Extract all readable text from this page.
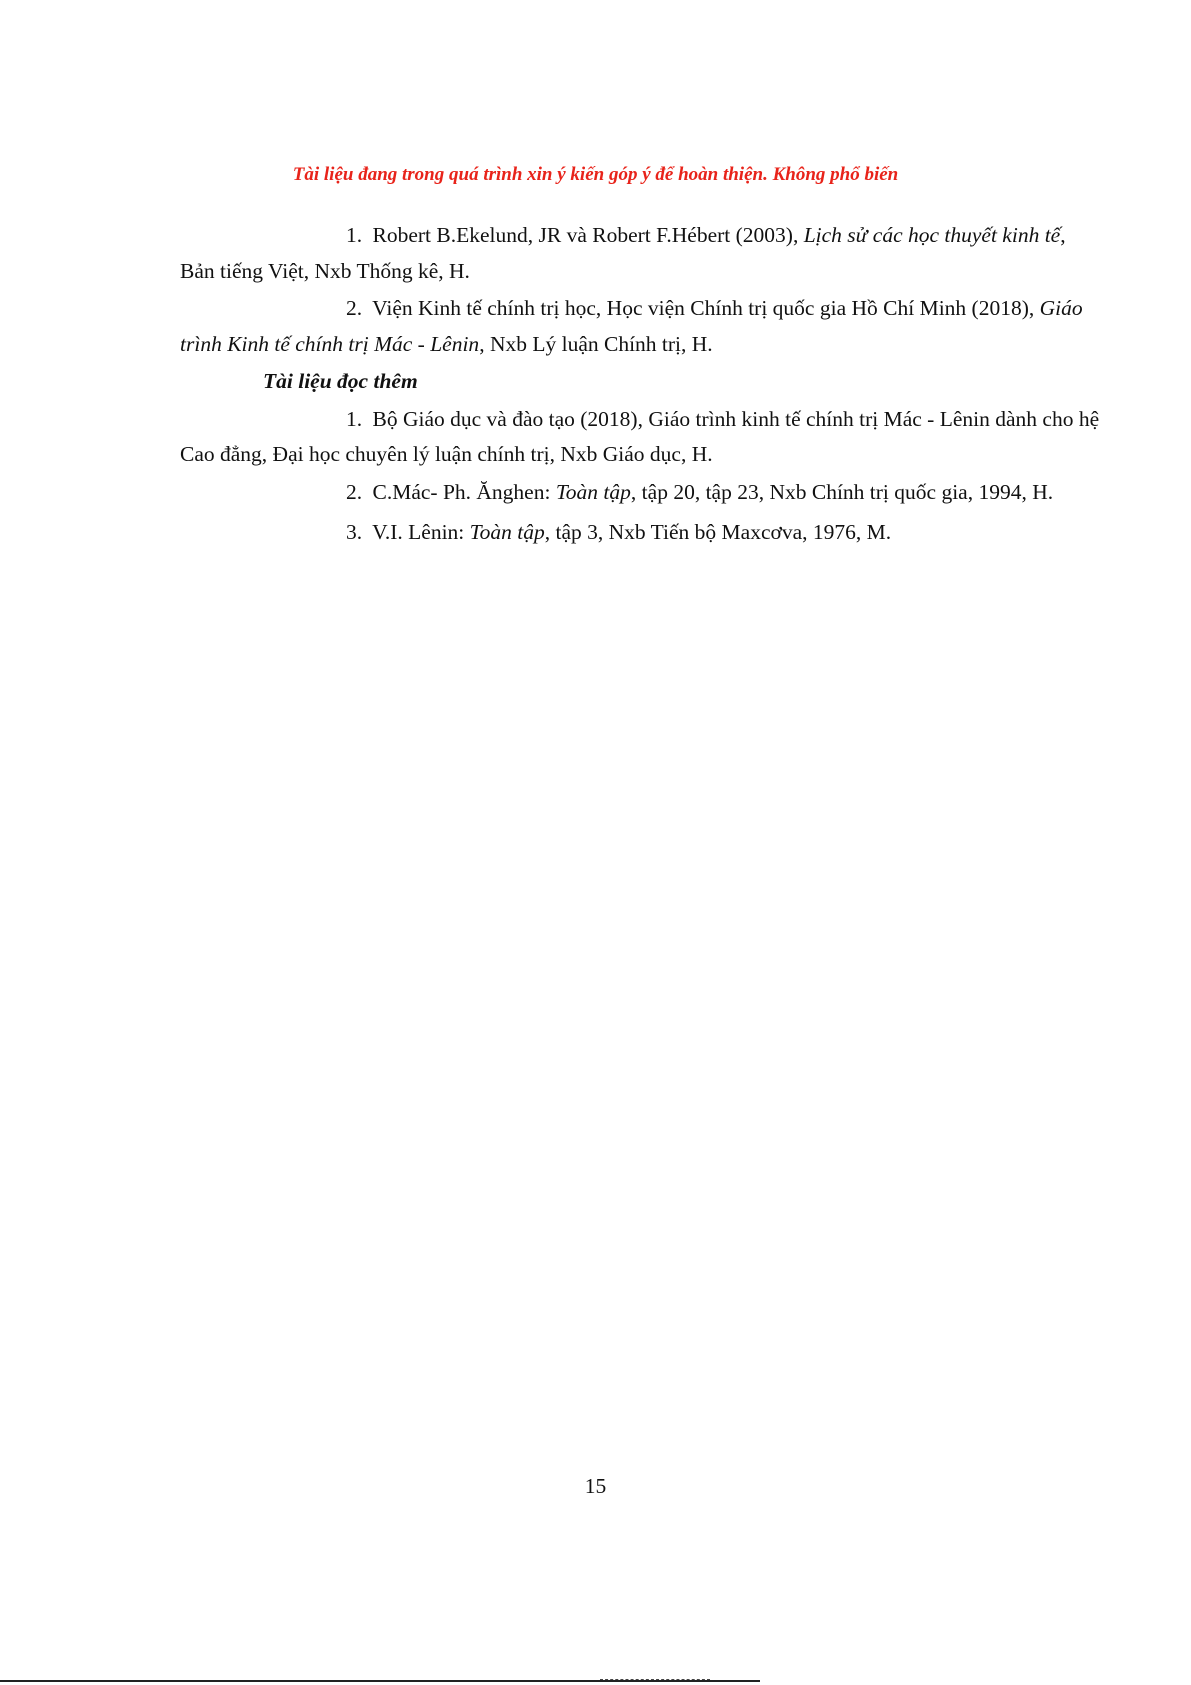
Tài liệu đang trong quá trình xin ý kiến góp ý để hoàn thiện. Không phổ biến

1. Robert B.Ekelund, JR và Robert F.Hébert (2003), Lịch sử các học thuyết kinh tế, Bản tiếng Việt, Nxb Thống kê, H.

2. Viện Kinh tế chính trị học, Học viện Chính trị quốc gia Hồ Chí Minh (2018), Giáo trình Kinh tế chính trị Mác - Lênin, Nxb Lý luận Chính trị, H.

Tài liệu đọc thêm

1. Bộ Giáo dục và đào tạo (2018), Giáo trình kinh tế chính trị Mác - Lênin dành cho hệ Cao đẳng, Đại học chuyên lý luận chính trị, Nxb Giáo dục, H.

2. C.Mác- Ph. Ănghen: Toàn tập, tập 20, tập 23, Nxb Chính trị quốc gia, 1994, H.

3. V.I. Lênin: Toàn tập, tập 3, Nxb Tiến bộ Maxcơva, 1976, M.

15
